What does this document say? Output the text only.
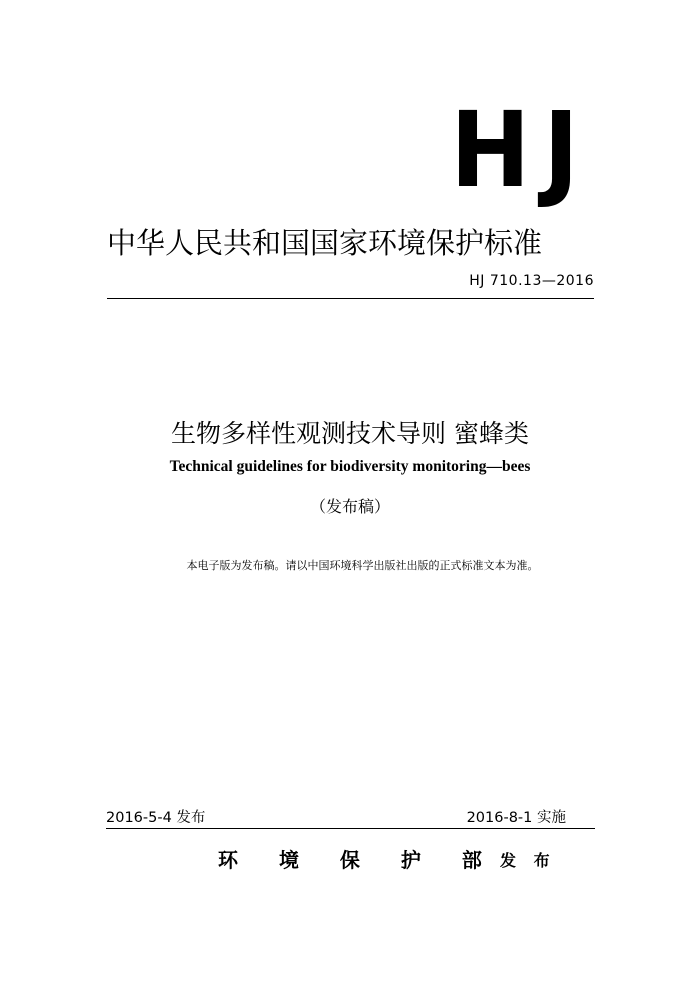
HJ
中华人民共和国国家环境保护标准
HJ 710.13—2016
生物多样性观测技术导则 蜜蜂类
Technical guidelines for biodiversity monitoring—bees
（发布稿）
本电子版为发布稿。请以中国环境科学出版社出版的正式标准文本为准。
2016-5-4 发布	2016-8-1 实施
环 境 保 护 部 发 布
